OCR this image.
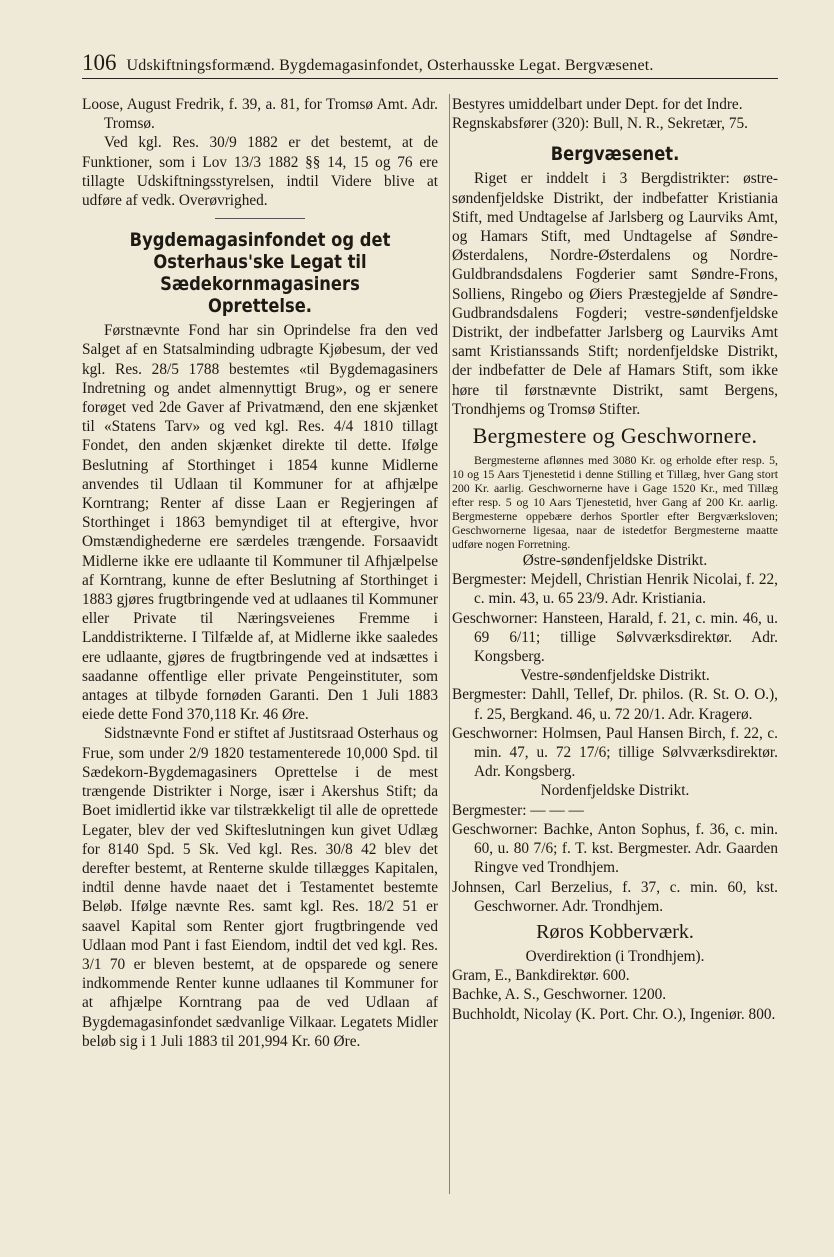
106 Udskiftningsformænd. Bygdemagasinfondet, Osterhausske Legat. Bergvæsenet.

Loose, August Fredrik, f. 39, a. 81, for Tromsø Amt. Adr. Tromsø.

Ved kgl. Res. 30/9 1882 er det bestemt, at de Funktioner, som i Lov 13/3 1882 §§ 14, 15 og 76 ere tillagte Udskiftningsstyrelsen, indtil Videre blive at udføre af vedk. Overøvrighed.

Bygdemagasinfondet og det Osterhaus'ske Legat til Sædekornmagasiners Oprettelse.

Førstnævnte Fond har sin Oprindelse fra den ved Salget af en Statsalminding udbragte Kjøbesum, der ved kgl. Res. 28/5 1788 bestemtes «til Bygdemagasiners Indretning og andet almennyttigt Brug», og er senere forøget ved 2de Gaver af Privatmænd, den ene skjænket til «Statens Tarv» og ved kgl. Res. 4/4 1810 tillagt Fondet, den anden skjænket direkte til dette. Ifølge Beslutning af Storthinget i 1854 kunne Midlerne anvendes til Udlaan til Kommuner for at afhjælpe Korntrang; Renter af disse Laan er Regjeringen af Storthinget i 1863 bemyndiget til at eftergive, hvor Omstændighederne ere særdeles trængende. Forsaavidt Midlerne ikke ere udlaante til Kommuner til Afhjælpelse af Korntrang, kunne de efter Beslutning af Storthinget i 1883 gjøres frugtbringende ved at udlaanes til Kommuner eller Private til Næringsveienes Fremme i Landdistrikterne. I Tilfælde af, at Midlerne ikke saaledes ere udlaante, gjøres de frugtbringende ved at indsættes i saadanne offentlige eller private Pengeinstituter, som antages at tilbyde fornøden Garanti. Den 1 Juli 1883 eiede dette Fond 370,118 Kr. 46 Øre.

Sidstnævnte Fond er stiftet af Justitsraad Osterhaus og Frue, som under 2/9 1820 testamenterede 10,000 Spd. til Sædekorn-Bygdemagasiners Oprettelse i de mest trængende Distrikter i Norge, især i Akershus Stift; da Boet imidlertid ikke var tilstrækkeligt til alle de oprettede Legater, blev der ved Skifteslutningen kun givet Udlæg for 8140 Spd. 5 Sk. Ved kgl. Res. 30/8 42 blev det derefter bestemt, at Renterne skulde tillægges Kapitalen, indtil denne havde naaet det i Testamentet bestemte Beløb. Ifølge nævnte Res. samt kgl. Res. 18/2 51 er saavel Kapital som Renter gjort frugtbringende ved Udlaan mod Pant i fast Eiendom, indtil det ved kgl. Res. 3/1 70 er bleven bestemt, at de opsparede og senere indkommende Renter kunne udlaanes til Kommuner for at afhjælpe Korntrang paa de ved Udlaan af Bygdemagasinfondet sædvanlige Vilkaar. Legatets Midler beløb sig i 1 Juli 1883 til 201,994 Kr. 60 Øre.

Bestyres umiddelbart under Dept. for det Indre.

Regnskabsfører (320): Bull, N. R., Sekretær, 75.

Bergvæsenet.

Riget er inddelt i 3 Bergdistrikter: østre-søndenfjeldske Distrikt, der indbefatter Kristiania Stift, med Undtagelse af Jarlsberg og Laurviks Amt, og Hamars Stift, med Undtagelse af Søndre-Østerdalens, Nordre-Østerdalens og Nordre-Guldbrandsdalens Fogderier samt Søndre-Frons, Solliens, Ringebo og Øiers Præstegjelde af Søndre-Gudbrandsdalens Fogderi; vestre-søndenfjeldske Distrikt, der indbefatter Jarlsberg og Laurviks Amt samt Kristianssands Stift; nordenfjeldske Distrikt, der indbefatter de Dele af Hamars Stift, som ikke høre til førstnævnte Distrikt, samt Bergens, Trondhjems og Tromsø Stifter.

Bergmestere og Geschwornere.

Bergmesterne aflønnes med 3080 Kr. og erholde efter resp. 5, 10 og 15 Aars Tjenestetid i denne Stilling et Tillæg, hver Gang stort 200 Kr. aarlig. Geschwornerne have i Gage 1520 Kr., med Tillæg efter resp. 5 og 10 Aars Tjenestetid, hver Gang af 200 Kr. aarlig. Bergmesterne oppebære derhos Sportler efter Bergværksloven; Geschwornerne ligesaa, naar de istedetfor Bergmesterne maatte udføre nogen Forretning.

Østre-søndenfjeldske Distrikt.

Bergmester: Mejdell, Christian Henrik Nicolai, f. 22, c. min. 43, u. 65 23/9. Adr. Kristiania.

Geschworner: Hansteen, Harald, f. 21, c. min. 46, u. 69 6/11; tillige Sølvværksdirektør. Adr. Kongsberg.

Vestre-søndenfjeldske Distrikt.

Bergmester: Dahll, Tellef, Dr. philos. (R. St. O. O.), f. 25, Bergkand. 46, u. 72 20/1. Adr. Kragerø.

Geschworner: Holmsen, Paul Hansen Birch, f. 22, c. min. 47, u. 72 17/6; tillige Sølvværksdirektør. Adr. Kongsberg.

Nordenfjeldske Distrikt.

Bergmester: — — —

Geschworner: Bachke, Anton Sophus, f. 36, c. min. 60, u. 80 7/6; f. T. kst. Bergmester. Adr. Gaarden Ringve ved Trondhjem.

Johnsen, Carl Berzelius, f. 37, c. min. 60, kst. Geschworner. Adr. Trondhjem.

Røros Kobberværk.

Overdirektion (i Trondhjem).

Gram, E., Bankdirektør. 600.

Bachke, A. S., Geschworner. 1200.

Buchholdt, Nicolay (K. Port. Chr. O.), Ingeniør. 800.
